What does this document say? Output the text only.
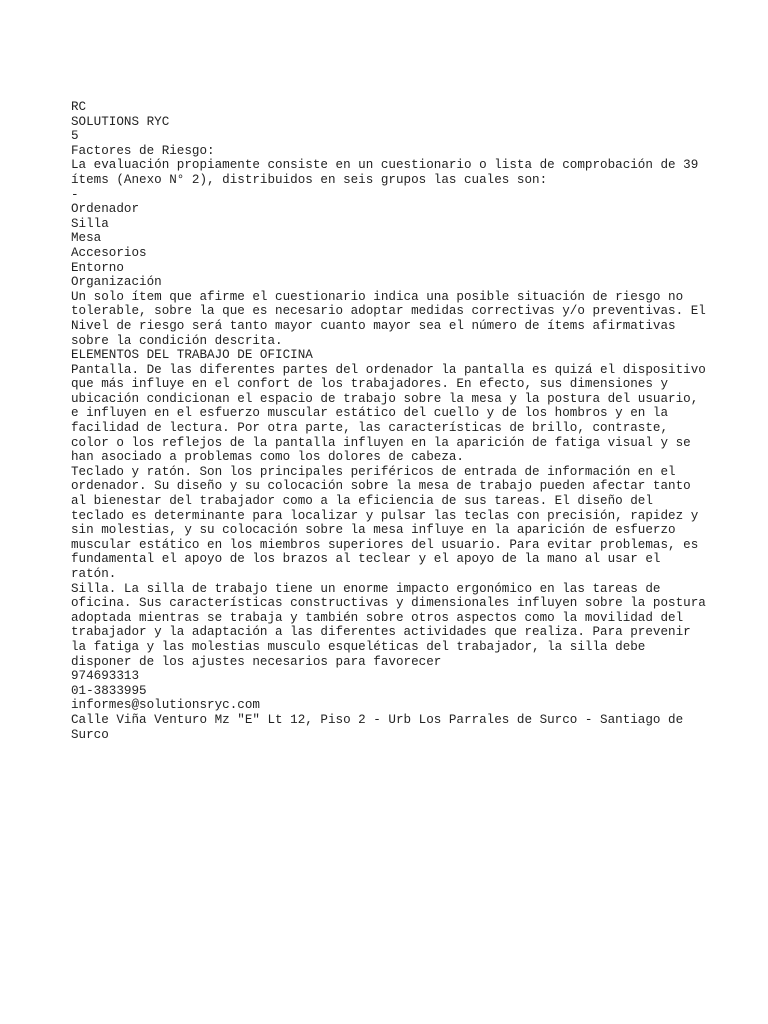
RC
SOLUTIONS RYC
5
Factores de Riesgo:
La evaluación propiamente consiste en un cuestionario o lista de comprobación de 39 ítems (Anexo N° 2), distribuidos en seis grupos las cuales son:
-
Ordenador
Silla
Mesa
Accesorios
Entorno
Organización
Un solo ítem que afirme el cuestionario indica una posible situación de riesgo no tolerable, sobre la que es necesario adoptar medidas correctivas y/o preventivas. El Nivel de riesgo será tanto mayor cuanto mayor sea el número de ítems afirmativas sobre la condición descrita.
ELEMENTOS DEL TRABAJO DE OFICINA
Pantalla. De las diferentes partes del ordenador la pantalla es quizá el dispositivo que más influye en el confort de los trabajadores. En efecto, sus dimensiones y ubicación condicionan el espacio de trabajo sobre la mesa y la postura del usuario, e influyen en el esfuerzo muscular estático del cuello y de los hombros y en la facilidad de lectura. Por otra parte, las características de brillo, contraste, color o los reflejos de la pantalla influyen en la aparición de fatiga visual y se han asociado a problemas como los dolores de cabeza.
Teclado y ratón. Son los principales periféricos de entrada de información en el ordenador. Su diseño y su colocación sobre la mesa de trabajo pueden afectar tanto al bienestar del trabajador como a la eficiencia de sus tareas. El diseño del teclado es determinante para localizar y pulsar las teclas con precisión, rapidez y sin molestias, y su colocación sobre la mesa influye en la aparición de esfuerzo muscular estático en los miembros superiores del usuario. Para evitar problemas, es fundamental el apoyo de los brazos al teclear y el apoyo de la mano al usar el ratón.
Silla. La silla de trabajo tiene un enorme impacto ergonómico en las tareas de oficina. Sus características constructivas y dimensionales influyen sobre la postura adoptada mientras se trabaja y también sobre otros aspectos como la movilidad del trabajador y la adaptación a las diferentes actividades que realiza. Para prevenir la fatiga y las molestias musculo esqueléticas del trabajador, la silla debe disponer de los ajustes necesarios para favorecer
974693313
01-3833995
informes@solutionsryc.com
Calle Viña Venturo Mz "E" Lt 12, Piso 2 - Urb Los Parrales de Surco - Santiago de Surco
